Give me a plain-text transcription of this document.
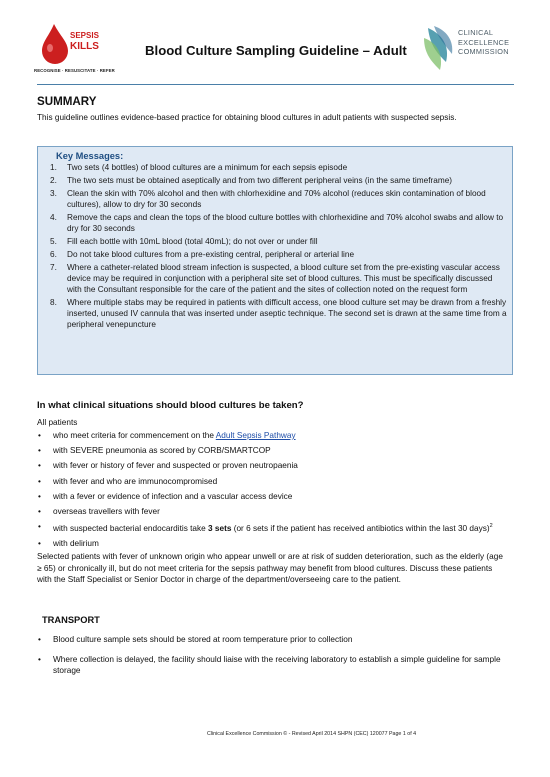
SEPSIS
KILLS
RECOGNISE · RESUSCITATE · REFER
Blood Culture Sampling Guideline – Adult
CLINICAL
EXCELLENCE
COMMISSION
SUMMARY
This guideline outlines evidence-based practice for obtaining blood cultures in adult patients with suspected sepsis.
Key Messages:
1. Two sets (4 bottles) of blood cultures are a minimum for each sepsis episode
2. The two sets must be obtained aseptically and from two different peripheral veins (in the same timeframe)
3. Clean the skin with 70% alcohol and then with chlorhexidine and 70% alcohol (reduces skin contamination of blood cultures), allow to dry for 30 seconds
4. Remove the caps and clean the tops of the blood culture bottles with chlorhexidine and 70% alcohol swabs and allow to dry for 30 seconds
5. Fill each bottle with 10mL blood (total 40mL); do not over or under fill
6. Do not take blood cultures from a pre-existing central, peripheral or arterial line
7. Where a catheter-related blood stream infection is suspected, a blood culture set from the pre-existing vascular access device may be required in conjunction with a peripheral site set of blood cultures. This must be specifically discussed with the Consultant responsible for the care of the patient and the sites of collection noted on the request form
8. Where multiple stabs may be required in patients with difficult access, one blood culture set may be drawn from a freshly inserted, unused IV cannula that was inserted under aseptic technique. The second set is drawn at the same time from a peripheral venepuncture
In what clinical situations should blood cultures be taken?
All patients
• who meet criteria for commencement on the Adult Sepsis Pathway
• with SEVERE pneumonia as scored by CORB/SMARTCOP
• with fever or history of fever and suspected or proven neutropaenia
• with fever and who are immunocompromised
• with a fever or evidence of infection and a vascular access device
• overseas travellers with fever
• with suspected bacterial endocarditis take 3 sets (or 6 sets if the patient has received antibiotics within the last 30 days)$^2$
• with delirium
Selected patients with fever of unknown origin who appear unwell or are at risk of sudden deterioration, such as the elderly (age ≥ 65) or chronically ill, but do not meet criteria for the sepsis pathway may benefit from blood cultures. Discuss these patients with the Staff Specialist or Senior Doctor in charge of the department/overseeing care to the patient.
TRANSPORT
• Blood culture sample sets should be stored at room temperature prior to collection
• Where collection is delayed, the facility should liaise with the receiving laboratory to establish a simple guideline for sample storage
Clinical Excellence Commission © - Revised April 2014 SHPN (CEC) 120077 Page 1 of 4
